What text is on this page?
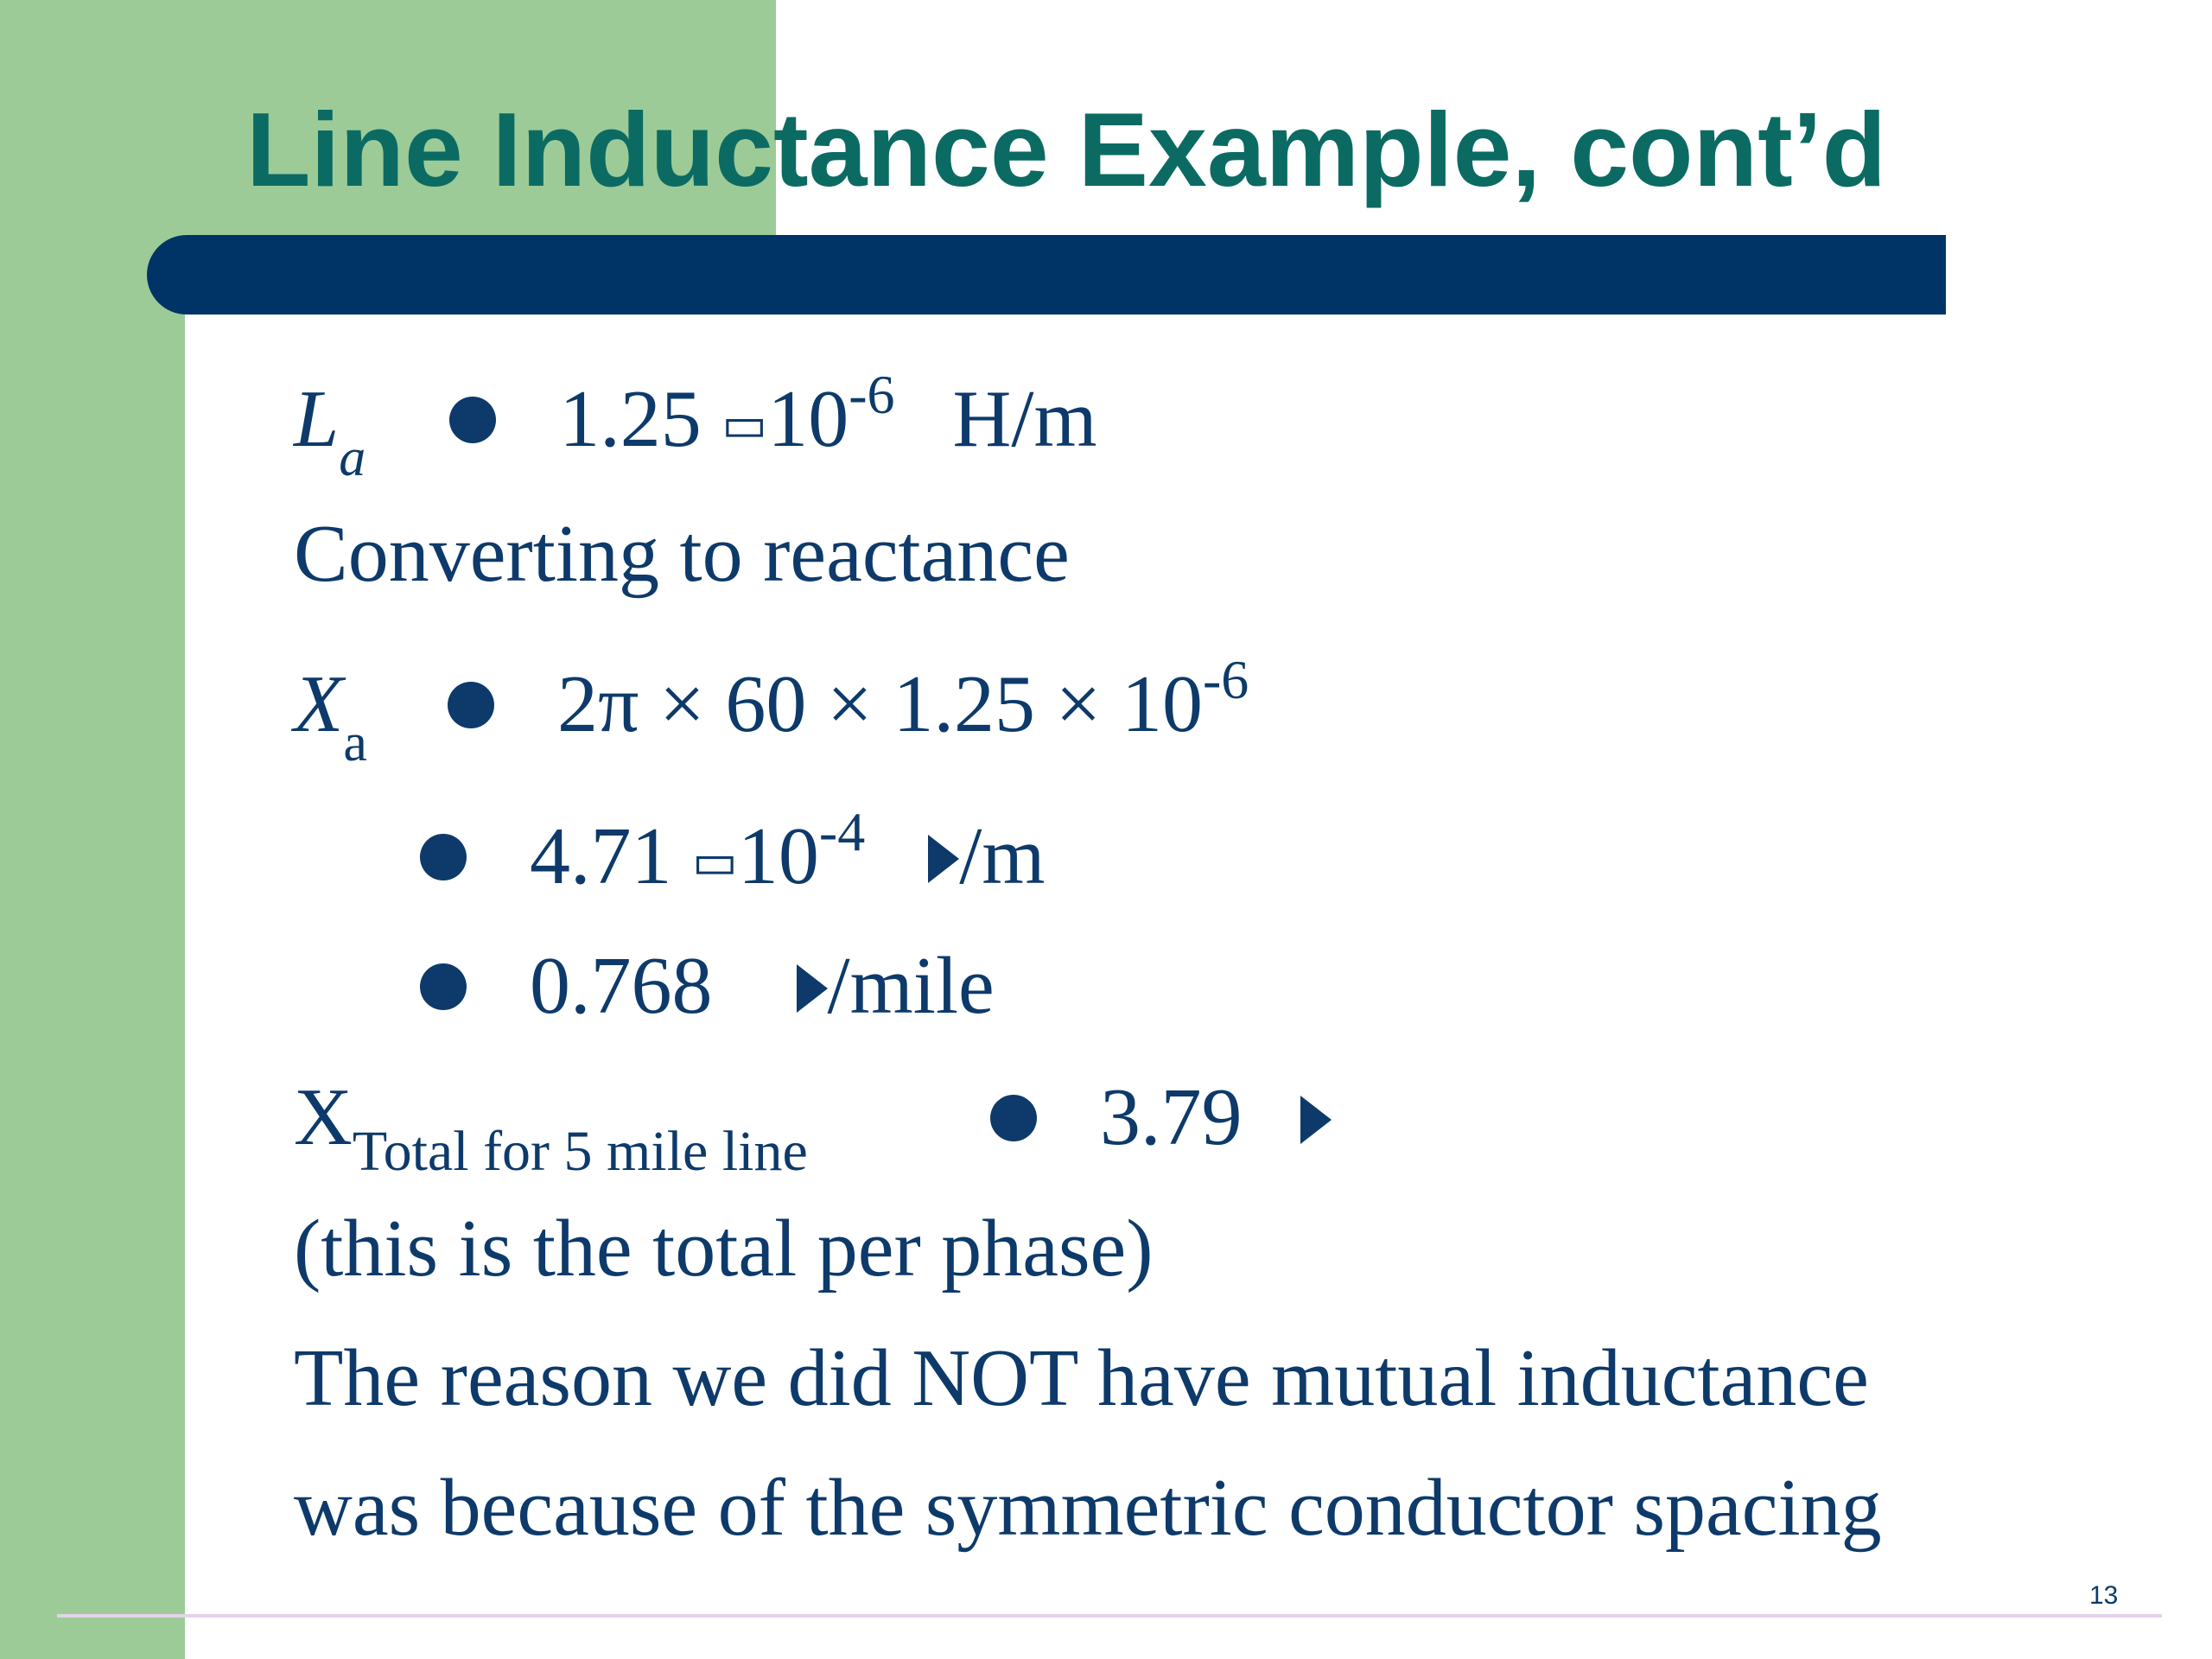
Line Inductance Example, cont’d
$L_a$ 1.25 $▭10^{-6}$ H/m
Converting to reactance
$X_a$ $2\pi \times 60 \times 1.25 \times 10^{-6}$
4.71 $▭10^{-4}$ /m
0.768 /mile
$X_{Total for 5 mile line}$	3.79
(this is the total per phase)
The reason we did NOT have mutual inductance
was because of the symmetric conductor spacing
13
